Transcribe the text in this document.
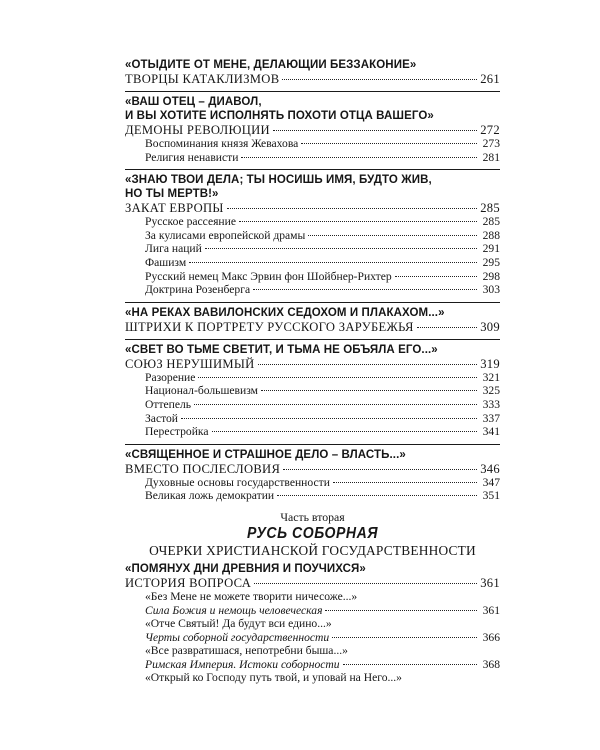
«ОТЫДИТЕ ОТ МЕНЕ, ДЕЛАЮЩИИ БЕЗЗАКОНИЕ»
ТВОРЦЫ КАТАКЛИЗМОВ	261
«ВАШ ОТЕЦ – ДИАВОЛ,
И ВЫ ХОТИТЕ ИСПОЛНЯТЬ ПОХОТИ ОТЦА ВАШЕГО»
ДЕМОНЫ РЕВОЛЮЦИИ	272
Воспоминания князя Жевахова	273
Религия ненависти	281
«ЗНАЮ ТВОИ ДЕЛА; ТЫ НОСИШЬ ИМЯ, БУДТО ЖИВ,
НО ТЫ МЕРТВ!»
ЗАКАТ ЕВРОПЫ	285
Русское рассеяние	285
За кулисами европейской драмы	288
Лига наций	291
Фашизм	295
Русский немец Макс Эрвин фон Шойбнер-Рихтер	298
Доктрина Розенберга	303
«НА РЕКАХ ВАВИЛОНСКИХ СЕДОХОМ И ПЛАКАХОМ...»
ШТРИХИ К ПОРТРЕТУ РУССКОГО ЗАРУБЕЖЬЯ	309
«СВЕТ ВО ТЬМЕ СВЕТИТ, И ТЬМА НЕ ОБЪЯЛА ЕГО...»
СОЮЗ НЕРУШИМЫЙ	319
Разорение	321
Национал-большевизм	325
Оттепель	333
Застой	337
Перестройка	341
«СВЯЩЕННОЕ И СТРАШНОЕ ДЕЛО – ВЛАСТЬ...»
ВМЕСТО ПОСЛЕСЛОВИЯ	346
Духовные основы государственности	347
Великая ложь демократии	351
Часть вторая
РУСЬ СОБОРНАЯ
ОЧЕРКИ ХРИСТИАНСКОЙ ГОСУДАРСТВЕННОСТИ
«ПОМЯНУХ ДНИ ДРЕВНИЯ И ПОУЧИХСЯ»
ИСТОРИЯ ВОПРОСА	361
«Без Мене не можете творити ничесоже...»
Сила Божия и немощь человеческая	361
«Отче Святый! Да будут вси едино...»
Черты соборной государственности	366
«Все развратишася, непотребни быша...»
Римская Империя. Истоки соборности	368
«Открый ко Господу путь твой, и уповай на Него...»
